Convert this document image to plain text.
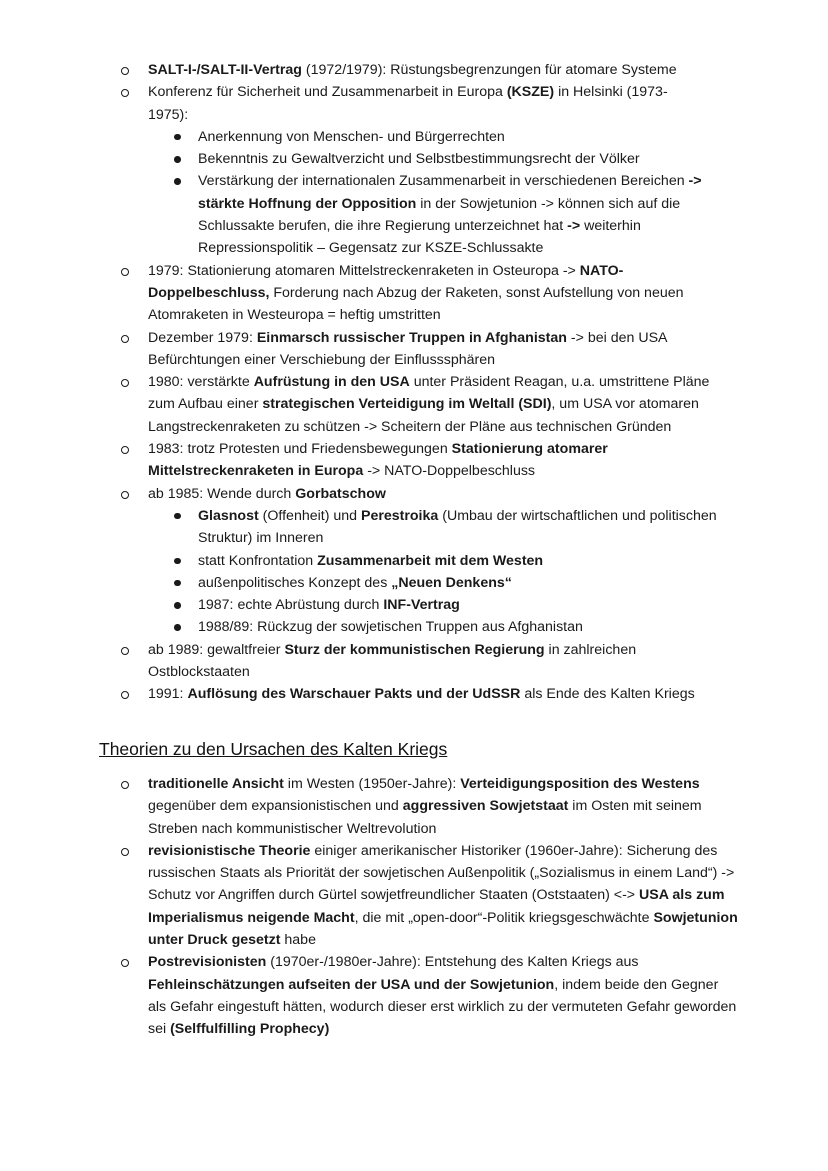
SALT-I-/SALT-II-Vertrag (1972/1979): Rüstungsbegrenzungen für atomare Systeme
Konferenz für Sicherheit und Zusammenarbeit in Europa (KSZE) in Helsinki (1973-1975):
Anerkennung von Menschen- und Bürgerrechten
Bekenntnis zu Gewaltverzicht und Selbstbestimmungsrecht der Völker
Verstärkung der internationalen Zusammenarbeit in verschiedenen Bereichen -> stärkte Hoffnung der Opposition in der Sowjetunion -> können sich auf die Schlussakte berufen, die ihre Regierung unterzeichnet hat -> weiterhin Repressionspolitik – Gegensatz zur KSZE-Schlussakte
1979: Stationierung atomaren Mittelstreckenraketen in Osteuropa -> NATO-Doppelbeschluss, Forderung nach Abzug der Raketen, sonst Aufstellung von neuen Atomraketen in Westeuropa = heftig umstritten
Dezember 1979: Einmarsch russischer Truppen in Afghanistan -> bei den USA Befürchtungen einer Verschiebung der Einflusssphären
1980: verstärkte Aufrüstung in den USA unter Präsident Reagan, u.a. umstrittene Pläne zum Aufbau einer strategischen Verteidigung im Weltall (SDI), um USA vor atomaren Langstreckenraketen zu schützen -> Scheitern der Pläne aus technischen Gründen
1983: trotz Protesten und Friedensbewegungen Stationierung atomarer Mittelstreckenraketen in Europa -> NATO-Doppelbeschluss
ab 1985: Wende durch Gorbatschow
Glasnost (Offenheit) und Perestroika (Umbau der wirtschaftlichen und politischen Struktur) im Inneren
statt Konfrontation Zusammenarbeit mit dem Westen
außenpolitisches Konzept des „Neuen Denkens“
1987: echte Abrüstung durch INF-Vertrag
1988/89: Rückzug der sowjetischen Truppen aus Afghanistan
ab 1989: gewaltfreier Sturz der kommunistischen Regierung in zahlreichen Ostblockstaaten
1991: Auflösung des Warschauer Pakts und der UdSSR als Ende des Kalten Kriegs
Theorien zu den Ursachen des Kalten Kriegs
traditionelle Ansicht im Westen (1950er-Jahre): Verteidigungsposition des Westens gegenüber dem expansionistischen und aggressiven Sowjetstaat im Osten mit seinem Streben nach kommunistischer Weltrevolution
revisionistische Theorie einiger amerikanischer Historiker (1960er-Jahre): Sicherung des russischen Staats als Priorität der sowjetischen Außenpolitik („Sozialismus in einem Land“) -> Schutz vor Angriffen durch Gürtel sowjetfreundlicher Staaten (Oststaaten) <-> USA als zum Imperialismus neigende Macht, die mit „open-door“-Politik kriegsgeschwächte Sowjetunion unter Druck gesetzt habe
Postrevisionisten (1970er-/1980er-Jahre): Entstehung des Kalten Kriegs aus Fehleinschätzungen aufseiten der USA und der Sowjetunion, indem beide den Gegner als Gefahr eingestuft hätten, wodurch dieser erst wirklich zu der vermuteten Gefahr geworden sei (Selffulfilling Prophecy)
